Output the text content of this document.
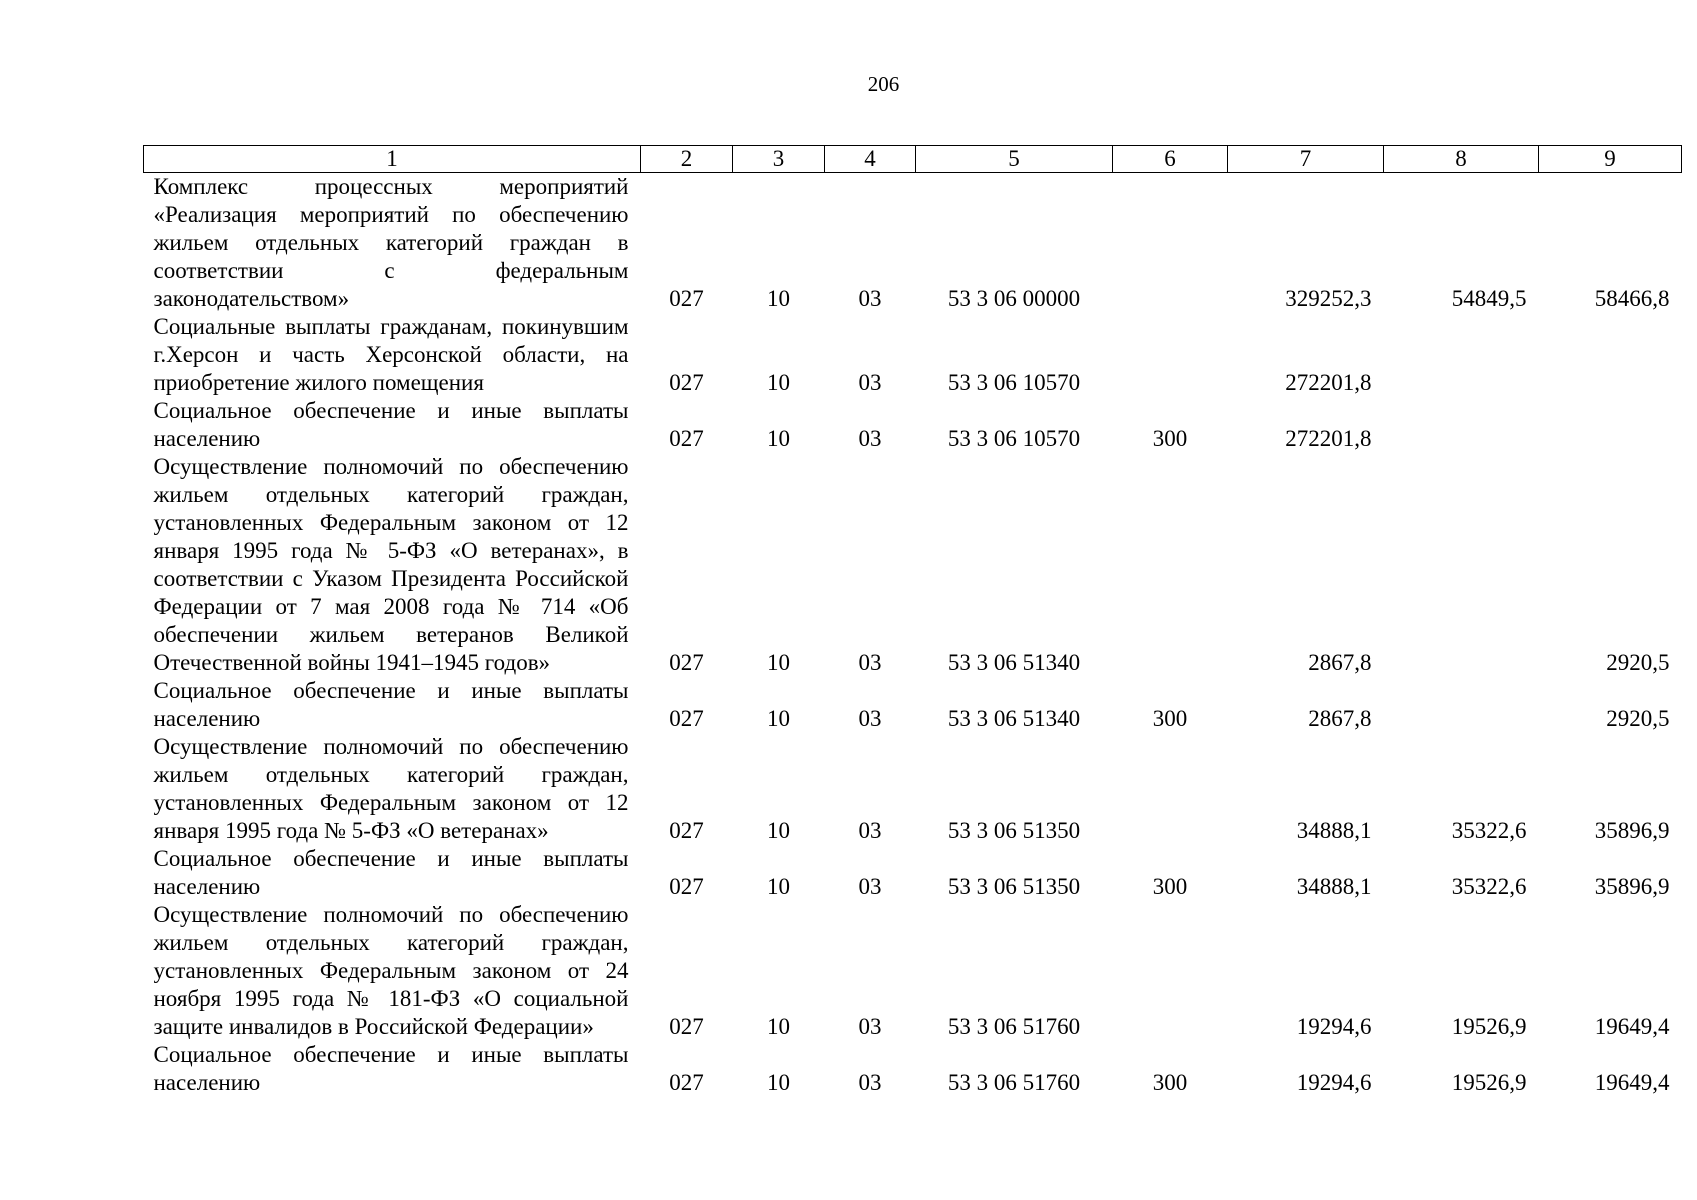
206
1	2	3	4	5	6	7	8	9
Комплекс процессных мероприятий «Реализация мероприятий по обеспечению жильем отдельных категорий граждан в соответствии с федеральным законодательством»	027	10	03	53 3 06 00000		329252,3	54849,5	58466,8
Социальные выплаты гражданам, покинувшим г.Херсон и часть Херсонской области, на приобретение жилого помещения	027	10	03	53 3 06 10570		272201,8		
Социальное обеспечение и иные выплаты населению	027	10	03	53 3 06 10570	300	272201,8		
Осуществление полномочий по обеспечению жильем отдельных категорий граждан, установленных Федеральным законом от 12 января 1995 года № 5-ФЗ «О ветеранах», в соответствии с Указом Президента Российской Федерации от 7 мая 2008 года № 714 «Об обеспечении жильем ветеранов Великой Отечественной войны 1941–1945 годов»	027	10	03	53 3 06 51340		2867,8		2920,5
Социальное обеспечение и иные выплаты населению	027	10	03	53 3 06 51340	300	2867,8		2920,5
Осуществление полномочий по обеспечению жильем отдельных категорий граждан, установленных Федеральным законом от 12 января 1995 года № 5-ФЗ «О ветеранах»	027	10	03	53 3 06 51350		34888,1	35322,6	35896,9
Социальное обеспечение и иные выплаты населению	027	10	03	53 3 06 51350	300	34888,1	35322,6	35896,9
Осуществление полномочий по обеспечению жильем отдельных категорий граждан, установленных Федеральным законом от 24 ноября 1995 года № 181-ФЗ «О социальной защите инвалидов в Российской Федерации»	027	10	03	53 3 06 51760		19294,6	19526,9	19649,4
Социальное обеспечение и иные выплаты населению	027	10	03	53 3 06 51760	300	19294,6	19526,9	19649,4
